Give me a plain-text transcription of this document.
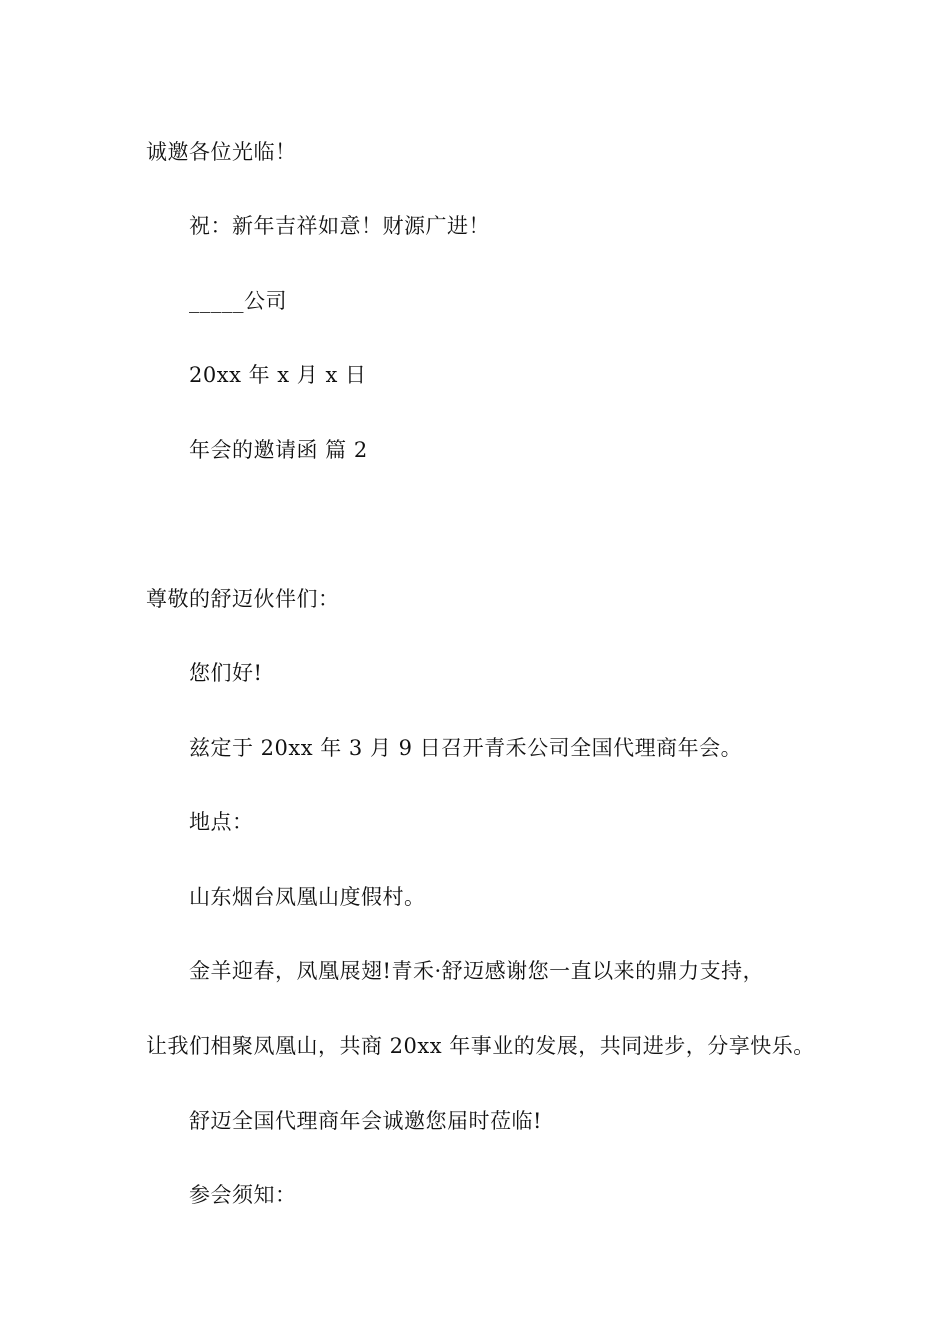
诚邀各位光临！
祝：新年吉祥如意！财源广进！
_____公司
20xx 年 x 月 x 日
年会的邀请函 篇 2
尊敬的舒迈伙伴们：
您们好!
兹定于 20xx 年 3 月 9 日召开青禾公司全国代理商年会。
地点：
山东烟台凤凰山度假村。
金羊迎春，凤凰展翅!青禾·舒迈感谢您一直以来的鼎力支持，
让我们相聚凤凰山，共商 20xx 年事业的发展，共同进步，分享快乐。
舒迈全国代理商年会诚邀您届时莅临!
参会须知：
